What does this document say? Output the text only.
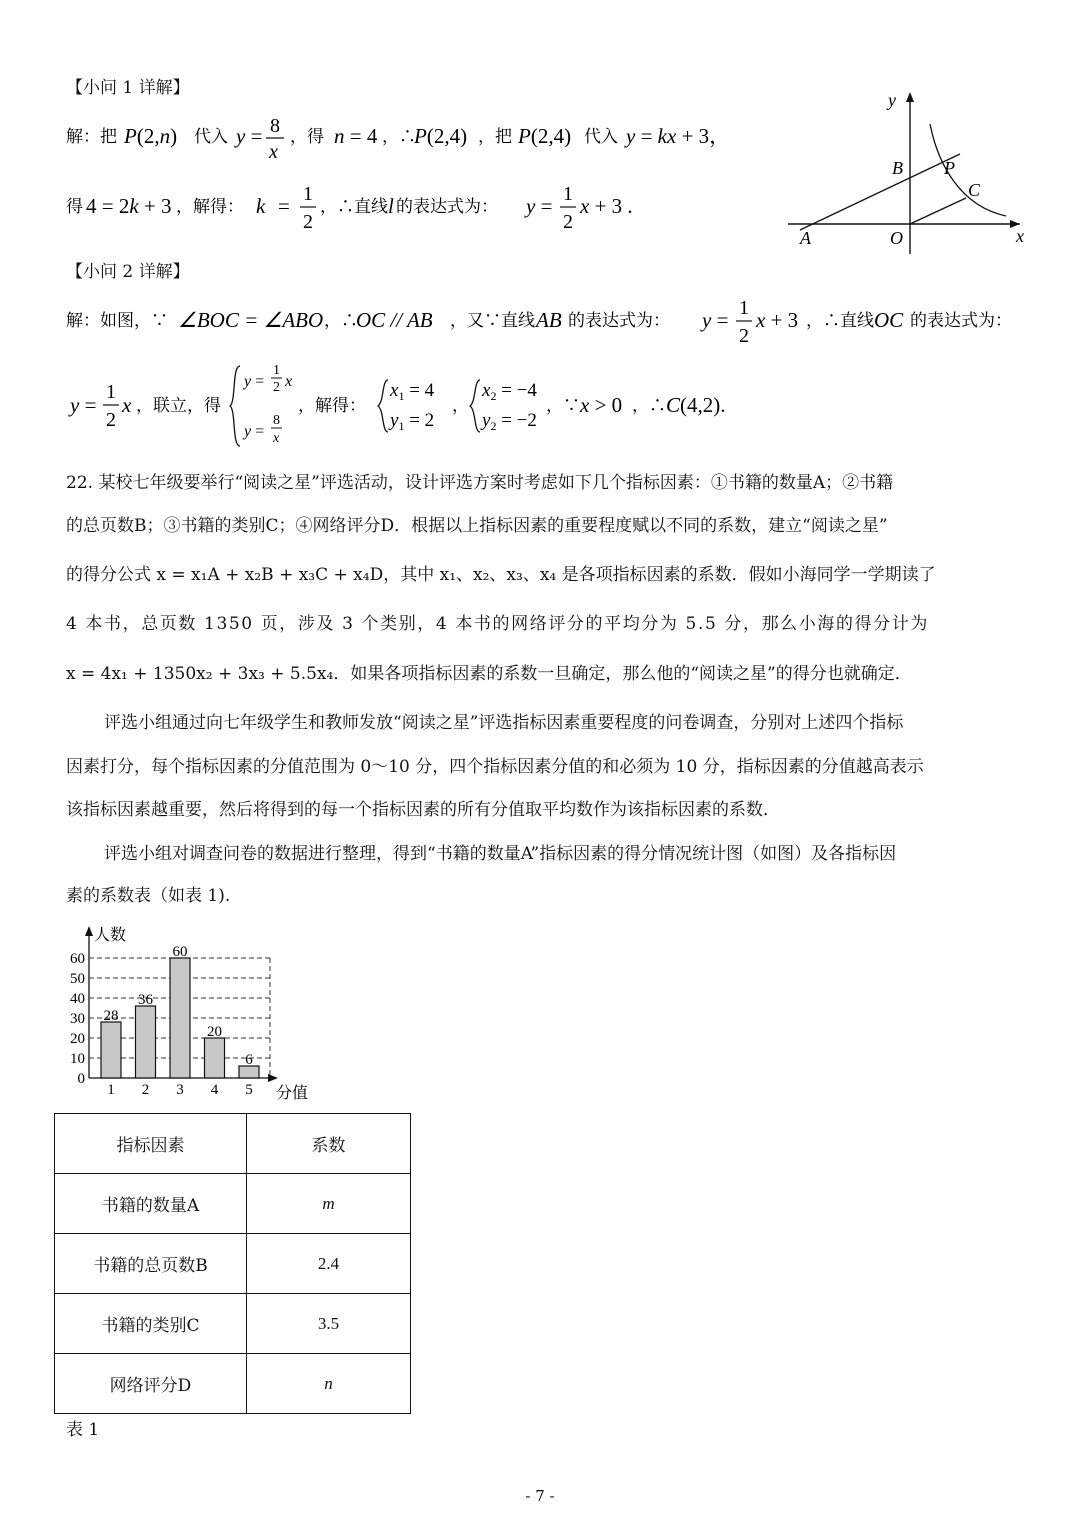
【小问 1 详解】
解：把 P(2,n) 代入 y = 8
x
，得 n = 4 ，∴
P(2,4) ，把 P(2,4) 代入 y = kx + 3，
得 4 = 2k + 3 ，解得： k = 1
2
，∴直线 l 的表达式为： y = 1
2
x + 3 .
y
x
B P
C
A	O
【小问 2 详解】
解：如图，∵ ∠BOC = ∠ABO ，∴
OC // AB ，又∵直线 AB 的表达式为： y = 1
2
x + 3 ，∴直线 OC 的表达式为：
y =
1
2
x ，联立，得
y =
1
2 x
y =
8
x
，解得：
$x_1 = 4$
$y_1 = 2$
，
$x_2 = -4$
$y_2 = -2$
，∵ x > 0 ，∴ C(4,2).
22. 某校七年级要举行“阅读之星”评选活动，设计评选方案时考虑如下几个指标因素：①书籍的数量A；②书籍
的总页数B；③书籍的类别C；④网络评分D．根据以上指标因素的重要程度赋以不同的系数，建立“阅读之星”
的得分公式 x = x₁A + x₂B + x₃C + x₄D，其中 x₁、x₂、x₃、x₄ 是各项指标因素的系数．假如小海同学一学期读了
4 本书，总页数 1350 页，涉及 3 个类别，4 本书的网络评分的平均分为 5.5 分，那么小海的得分计为
x = 4x₁ + 1350x₂ + 3x₃ + 5.5x₄．如果各项指标因素的系数一旦确定，那么他的“阅读之星”的得分也就确定．
评选小组通过向七年级学生和教师发放“阅读之星”评选指标因素重要程度的问卷调查，分别对上述四个指标
因素打分，每个指标因素的分值范围为 0～10 分，四个指标因素分值的和必须为 10 分，指标因素的分值越高表示
该指标因素越重要，然后将得到的每一个指标因素的所有分值取平均数作为该指标因素的系数．
评选小组对调查问卷的数据进行整理，得到“书籍的数量A”指标因素的得分情况统计图（如图）及各指标因
素的系数表（如表 1).
人数
分值
0
10
20
30
40
50
60
28
1
36
2
60
3
20
4
6
5
指标因素	系数
书籍的数量A	m
书籍的总页数B	2.4
书籍的类别C	3.5
网络评分D	n
表 1
- 7 -
